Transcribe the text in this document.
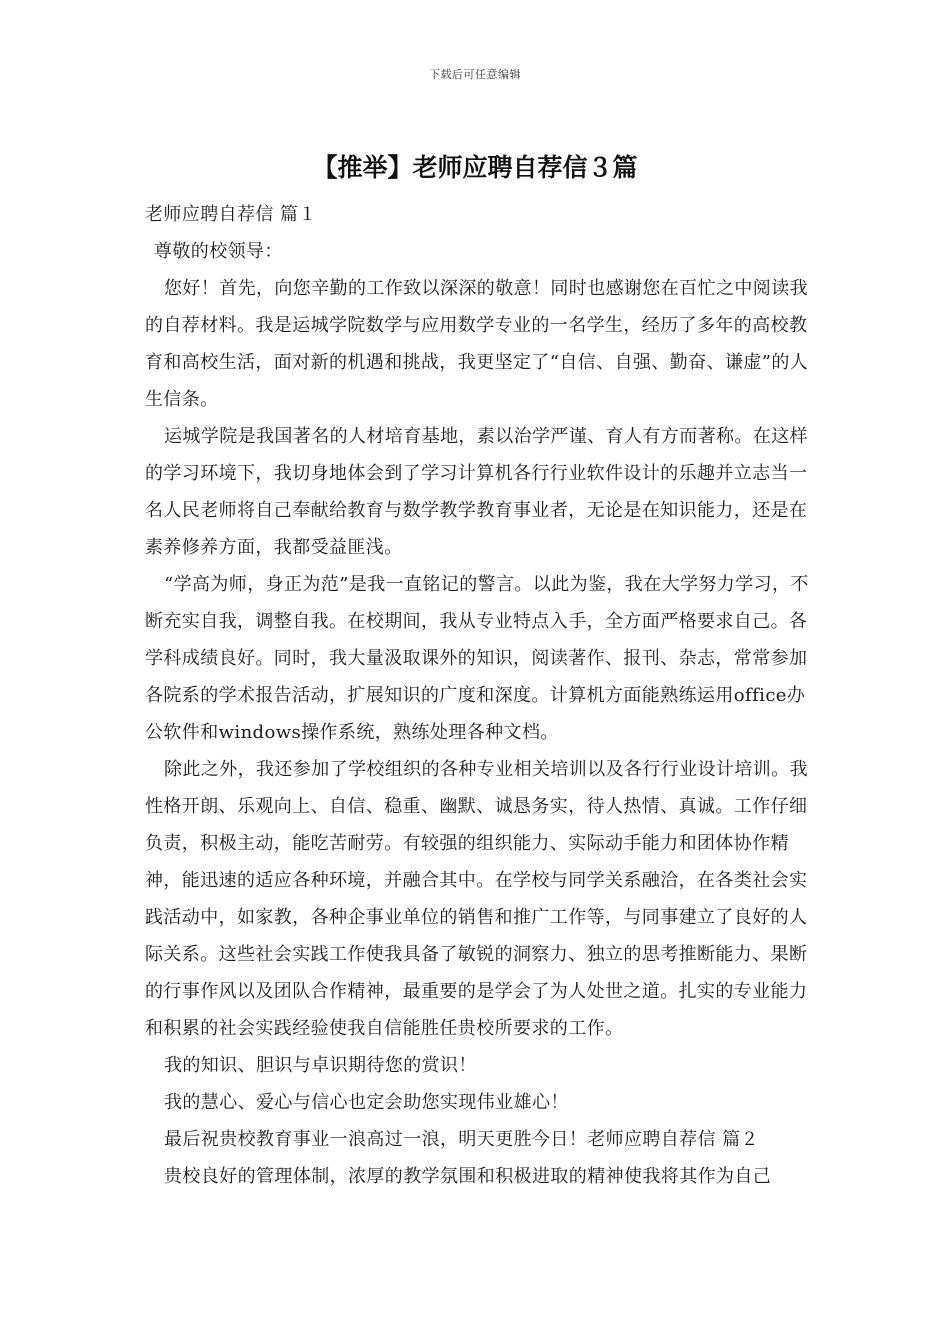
下载后可任意编辑
【推举】老师应聘自荐信３篇

老师应聘自荐信 篇１

尊敬的校领导：

您好！首先，向您辛勤的工作致以深深的敬意！同时也感谢您在百忙之中阅读我的自荐材料。我是运城学院数学与应用数学专业的一名学生，经历了多年的高校教育和高校生活，面对新的机遇和挑战，我更坚定了“自信、自强、勤奋、谦虚”的人生信条。

运城学院是我国著名的人材培育基地，素以治学严谨、育人有方而著称。在这样的学习环境下，我切身地体会到了学习计算机各行行业软件设计的乐趣并立志当一名人民老师将自己奉献给教育与数学教学教育事业者，无论是在知识能力，还是在素养修养方面，我都受益匪浅。

“学高为师，身正为范”是我一直铭记的警言。以此为鉴，我在大学努力学习，不断充实自我，调整自我。在校期间，我从专业特点入手，全方面严格要求自己。各学科成绩良好。同时，我大量汲取课外的知识，阅读著作、报刊、杂志，常常参加各院系的学术报告活动，扩展知识的广度和深度。计算机方面能熟练运用office办公软件和windows操作系统，熟练处理各种文档。

除此之外，我还参加了学校组织的各种专业相关培训以及各行行业设计培训。我性格开朗、乐观向上、自信、稳重、幽默、诚恳务实，待人热情、真诚。工作仔细负责，积极主动，能吃苦耐劳。有较强的组织能力、实际动手能力和团体协作精神，能迅速的适应各种环境，并融合其中。在学校与同学关系融洽，在各类社会实践活动中，如家教，各种企事业单位的销售和推广工作等，与同事建立了良好的人际关系。这些社会实践工作使我具备了敏锐的洞察力、独立的思考推断能力、果断的行事作风以及团队合作精神，最重要的是学会了为人处世之道。扎实的专业能力和积累的社会实践经验使我自信能胜任贵校所要求的工作。

我的知识、胆识与卓识期待您的赏识！

我的慧心、爱心与信心也定会助您实现伟业雄心！

最后祝贵校教育事业一浪高过一浪，明天更胜今日！老师应聘自荐信 篇２

贵校良好的管理体制，浓厚的教学氛围和积极进取的精神使我将其作为自己
